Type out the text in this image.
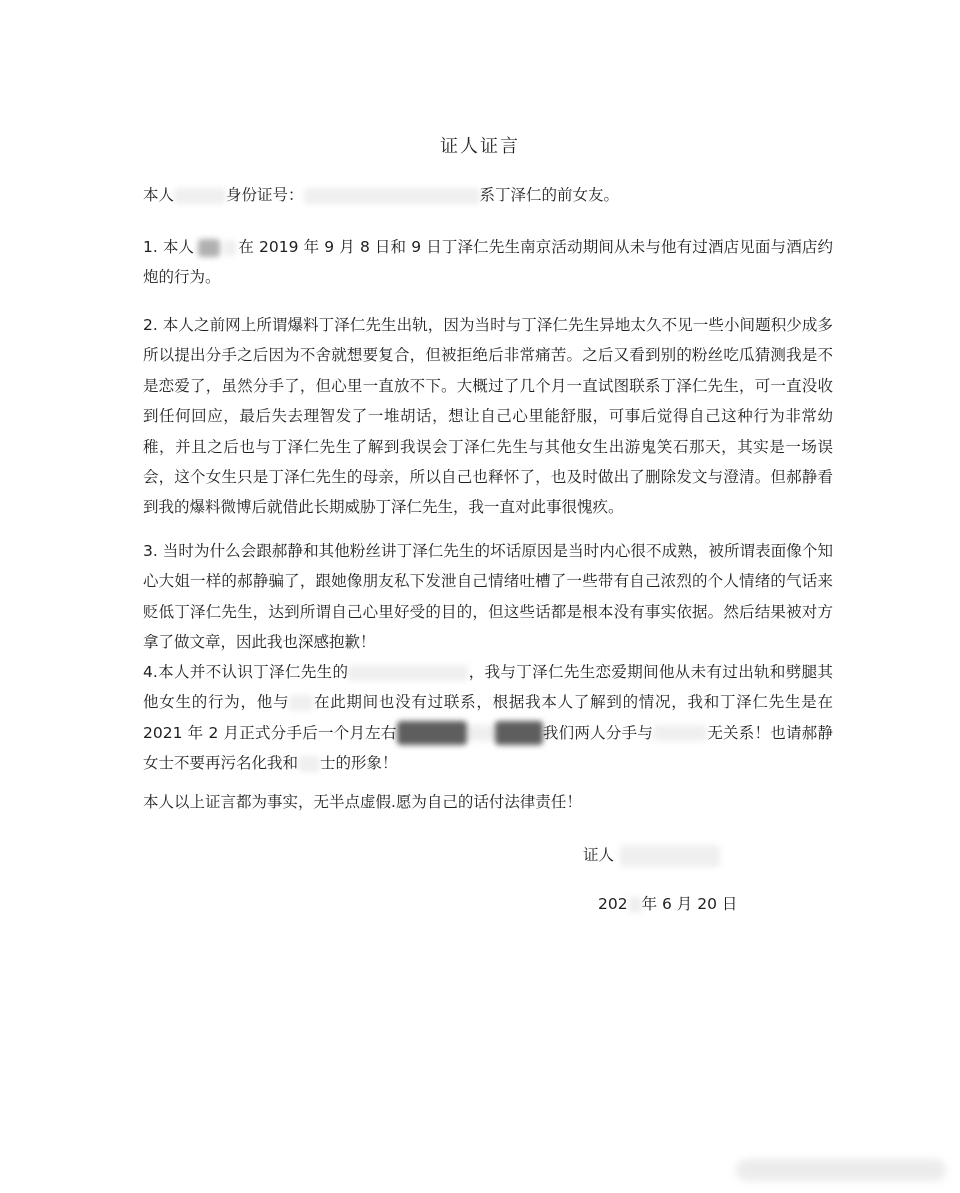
证人证言
本人	身份证号：	系丁泽仁的前女友。
1. 本人	在 2019 年 9 月 8 日和 9 日丁泽仁先生南京活动期间从未与他有过酒店见面与酒店约炮的行为。
2. 本人之前网上所谓爆料丁泽仁先生出轨，因为当时与丁泽仁先生异地太久不见一些小间题积少成多所以提出分手之后因为不舍就想要复合，但被拒绝后非常痛苦。之后又看到别的粉丝吃瓜猜测我是不是恋爱了，虽然分手了，但心里一直放不下。大概过了几个月一直试图联系丁泽仁先生，可一直没收到任何回应，最后失去理智发了一堆胡话，想让自己心里能舒服，可事后觉得自己这种行为非常幼稚，并且之后也与丁泽仁先生了解到我误会丁泽仁先生与其他女生出游鬼笑石那天，其实是一场误会，这个女生只是丁泽仁先生的母亲，所以自己也释怀了，也及时做出了删除发文与澄清。但郝静看到我的爆料微博后就借此长期威胁丁泽仁先生，我一直对此事很愧疚。
3. 当时为什么会跟郝静和其他粉丝讲丁泽仁先生的坏话原因是当时内心很不成熟，被所谓表面像个知心大姐一样的郝静骗了，跟她像朋友私下发泄自己情绪吐槽了一些带有自己浓烈的个人情绪的气话来贬低丁泽仁先生，达到所谓自己心里好受的目的，但这些话都是根本没有事实依据。然后结果被对方拿了做文章，因此我也深感抱歉！
4.本人并不认识丁泽仁先生的	，我与丁泽仁先生恋爱期间他从未有过出轨和劈腿其他女生的行为，他与 在此期间也没有过联系，根据我本人了解到的情况，我和丁泽仁先生是在 2021 年 2 月正式分手后一个月左右	我们两人分手与	无关系！也请郝静女士不要再污名化我和 士的形象！
本人以上证言都为事实，无半点虚假.愿为自己的话付法律责任！
证人
202 年 6 月 20 日
